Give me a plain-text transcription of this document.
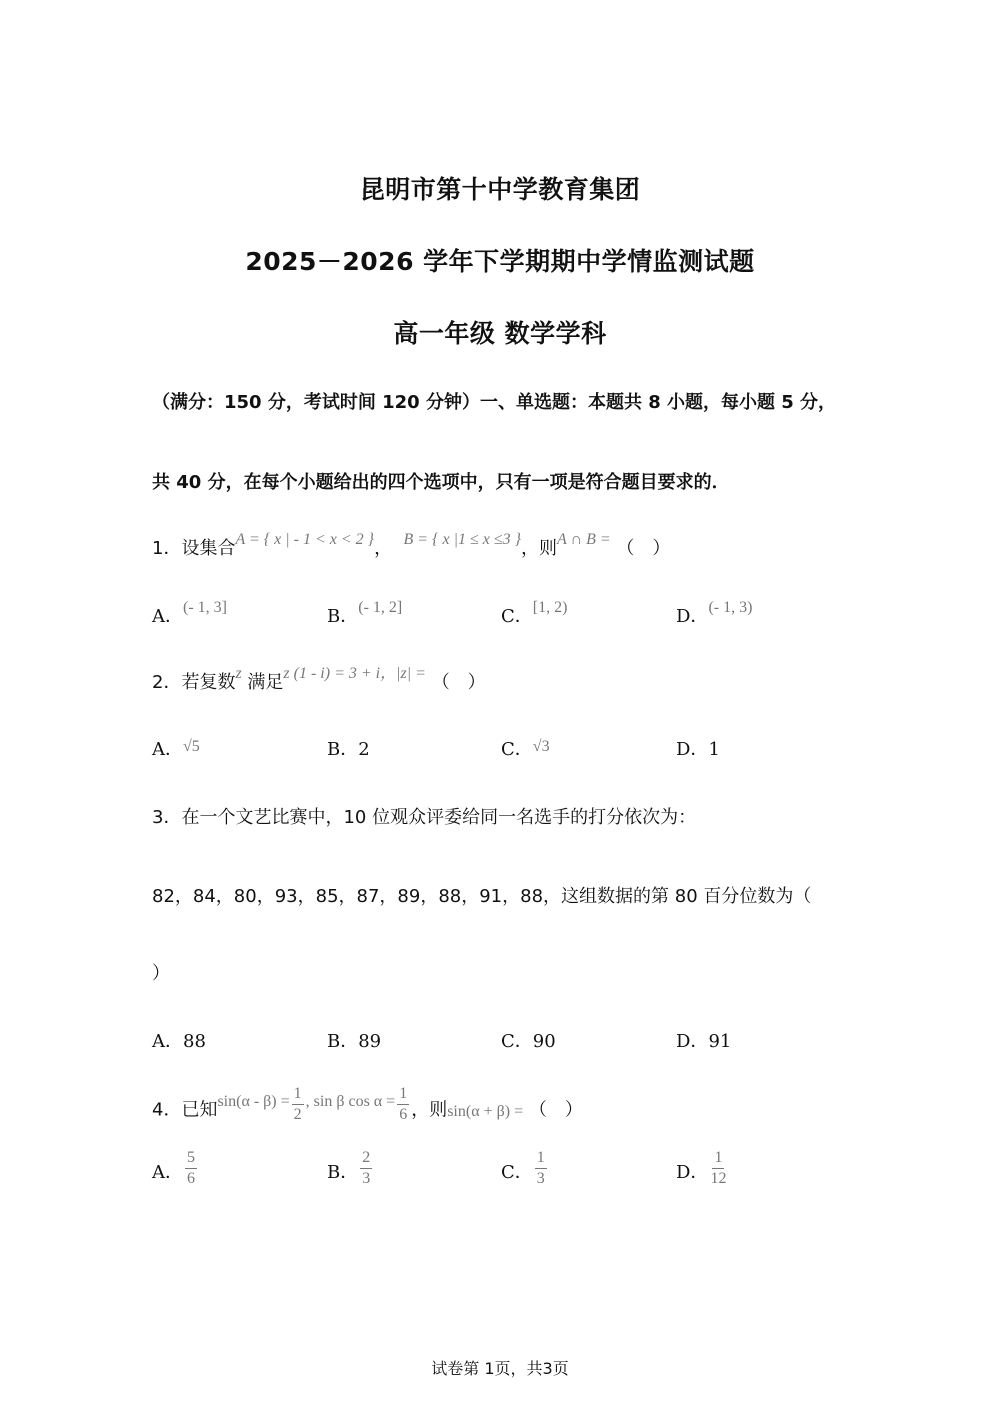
昆明市第十中学教育集团
2025－2026 学年下学期期中学情监测试题
高一年级 数学学科
（满分：150 分，考试时间 120 分钟）一、单选题：本题共 8 小题，每小题 5 分，
共 40 分，在每个小题给出的四个选项中，只有一项是符合题目要求的．
1．设集合A = { x | - 1 < x < 2 }， B = { x |1 ≤ x ≤3 }，则A ∩ B = （　）
A．(- 1, 3]	B．(- 1, 2]	C．[1, 2)	D．(- 1, 3)
2．若复数z 满足z (1 - i) = 3 + i，|z| = （　）
A．√5	B．2	C．√3	D．1
3．在一个文艺比赛中，10 位观众评委给同一名选手的打分依次为：
82，84，80，93，85，87，89，88，91，88，这组数据的第 80 百分位数为（
）
A．88	B．89	C．90	D．91
4．已知$\sin(\alpha - \beta) = \frac{1}{2}$ , sin β $\cos \alpha = \frac{1}{6}$ ，则sin(α + β) = （　）
A． $\frac{5}{6}$	B． $\frac{2}{3}$	C． $\frac{1}{3}$	D． $\frac{1}{12}$
试卷第 1页，共3页
